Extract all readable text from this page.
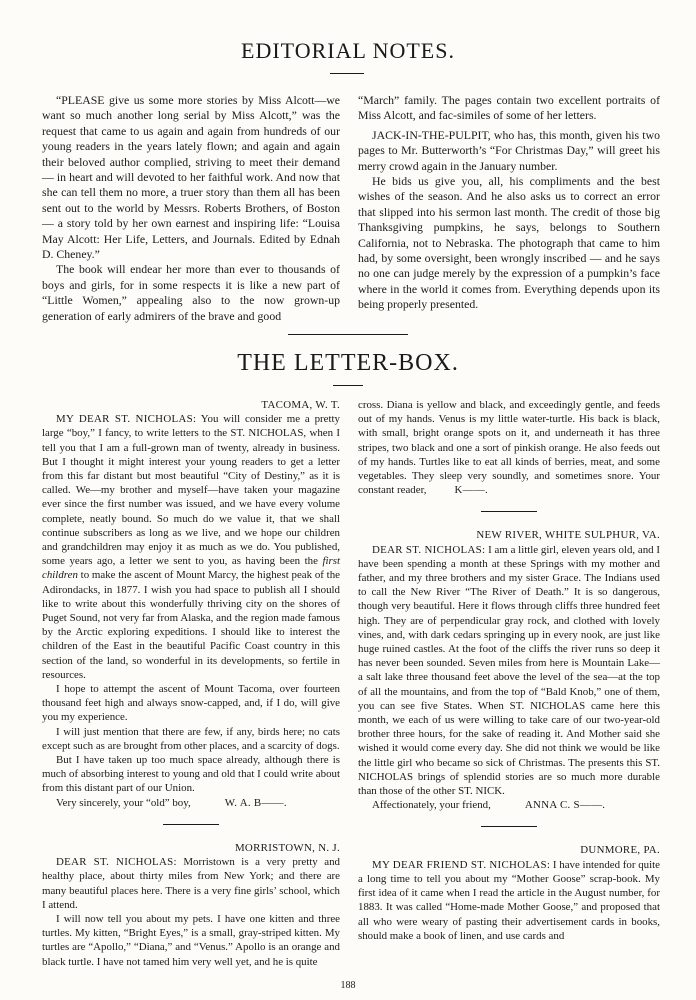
EDITORIAL NOTES.

“PLEASE give us some more stories by Miss Alcott—we want so much another long serial by Miss Alcott,” was the request that came to us again and again from hundreds of our young readers in the years lately flown; and again and again their beloved author complied, striving to meet their demand — in heart and will devoted to her faithful work. And now that she can tell them no more, a truer story than them all has been sent out to the world by Messrs. Roberts Brothers, of Boston — a story told by her own earnest and inspiring life: “Louisa May Alcott: Her Life, Letters, and Journals. Edited by Ednah D. Cheney.”

The book will endear her more than ever to thousands of boys and girls, for in some respects it is like a new part of “Little Women,” appealing also to the now grown-up generation of early admirers of the brave and good

“March” family. The pages contain two excellent portraits of Miss Alcott, and fac-similes of some of her letters.

JACK-IN-THE-PULPIT, who has, this month, given his two pages to Mr. Butterworth’s “For Christmas Day,” will greet his merry crowd again in the January number.

He bids us give you, all, his compliments and the best wishes of the season. And he also asks us to correct an error that slipped into his sermon last month. The credit of those big Thanksgiving pumpkins, he says, belongs to Southern California, not to Nebraska. The photograph that came to him had, by some oversight, been wrongly inscribed — and he says no one can judge merely by the expression of a pumpkin’s face where in the world it comes from. Everything depends upon its being properly presented.

THE LETTER-BOX.

TACOMA, W. T.

MY DEAR ST. NICHOLAS: You will consider me a pretty large “boy,” I fancy, to write letters to the ST. NICHOLAS, when I tell you that I am a full-grown man of twenty, already in business. But I thought it might interest your young readers to get a letter from this far distant but most beautiful “City of Destiny,” as it is called. We—my brother and myself—have taken your magazine ever since the first number was issued, and we have every volume complete, neatly bound. So much do we value it, that we shall continue subscribers as long as we live, and we hope our children and grandchildren may enjoy it as much as we do. You published, some years ago, a letter we sent to you, as having been the first children to make the ascent of Mount Marcy, the highest peak of the Adirondacks, in 1877. I wish you had space to publish all I should like to write about this wonderfully thriving city on the shores of Puget Sound, not very far from Alaska, and the region made famous by the Arctic exploring expeditions. I should like to interest the children of the East in the beautiful Pacific Coast country in this section of the land, so wonderful in its developments, so fertile in resources.

I hope to attempt the ascent of Mount Tacoma, over fourteen thousand feet high and always snow-capped, and, if I do, will give you my experience.

I will just mention that there are few, if any, birds here; no cats except such as are brought from other places, and a scarcity of dogs.

But I have taken up too much space already, although there is much of absorbing interest to young and old that I could write about from this distant part of our Union.

Very sincerely, your “old” boy,	W. A. B——.

MORRISTOWN, N. J.

DEAR ST. NICHOLAS: Morristown is a very pretty and healthy place, about thirty miles from New York; and there are many beautiful places here. There is a very fine girls’ school, which I attend.

I will now tell you about my pets. I have one kitten and three turtles. My kitten, “Bright Eyes,” is a small, gray-striped kitten. My turtles are “Apollo,” “Diana,” and “Venus.” Apollo is an orange and black turtle. I have not tamed him very well yet, and he is quite

cross. Diana is yellow and black, and exceedingly gentle, and feeds out of my hands. Venus is my little water-turtle. His back is black, with small, bright orange spots on it, and underneath it has three stripes, two black and one a sort of pinkish orange. He also feeds out of my hands. Turtles like to eat all kinds of berries, meat, and some vegetables. They sleep very soundly, and sometimes snore. Your constant reader,	K——.

NEW RIVER, WHITE SULPHUR, VA.

DEAR ST. NICHOLAS: I am a little girl, eleven years old, and I have been spending a month at these Springs with my mother and father, and my three brothers and my sister Grace. The Indians used to call the New River “The River of Death.” It is so dangerous, though very beautiful. Here it flows through cliffs three hundred feet high. They are of perpendicular gray rock, and clothed with lovely vines, and, with dark cedars springing up in every nook, are just like huge ruined castles. At the foot of the cliffs the river runs so deep it has never been sounded. Seven miles from here is Mountain Lake—a salt lake three thousand feet above the level of the sea—at the top of all the mountains, and from the top of “Bald Knob,” one of them, you can see five States. When ST. NICHOLAS came here this month, we each of us were willing to take care of our two-year-old brother three hours, for the sake of reading it. And Mother said she wished it would come every day. She did not think we would be like the little girl who became so sick of Christmas. The presents this ST. NICHOLAS brings of splendid stories are so much more durable than those of the other ST. NICK.

Affectionately, your friend,	ANNA C. S——.

DUNMORE, PA.

MY DEAR FRIEND ST. NICHOLAS: I have intended for quite a long time to tell you about my “Mother Goose” scrap-book. My first idea of it came when I read the article in the August number, for 1883. It was called “Home-made Mother Goose,” and proposed that all who were weary of pasting their advertisement cards in books, should make a book of linen, and use cards and

188
